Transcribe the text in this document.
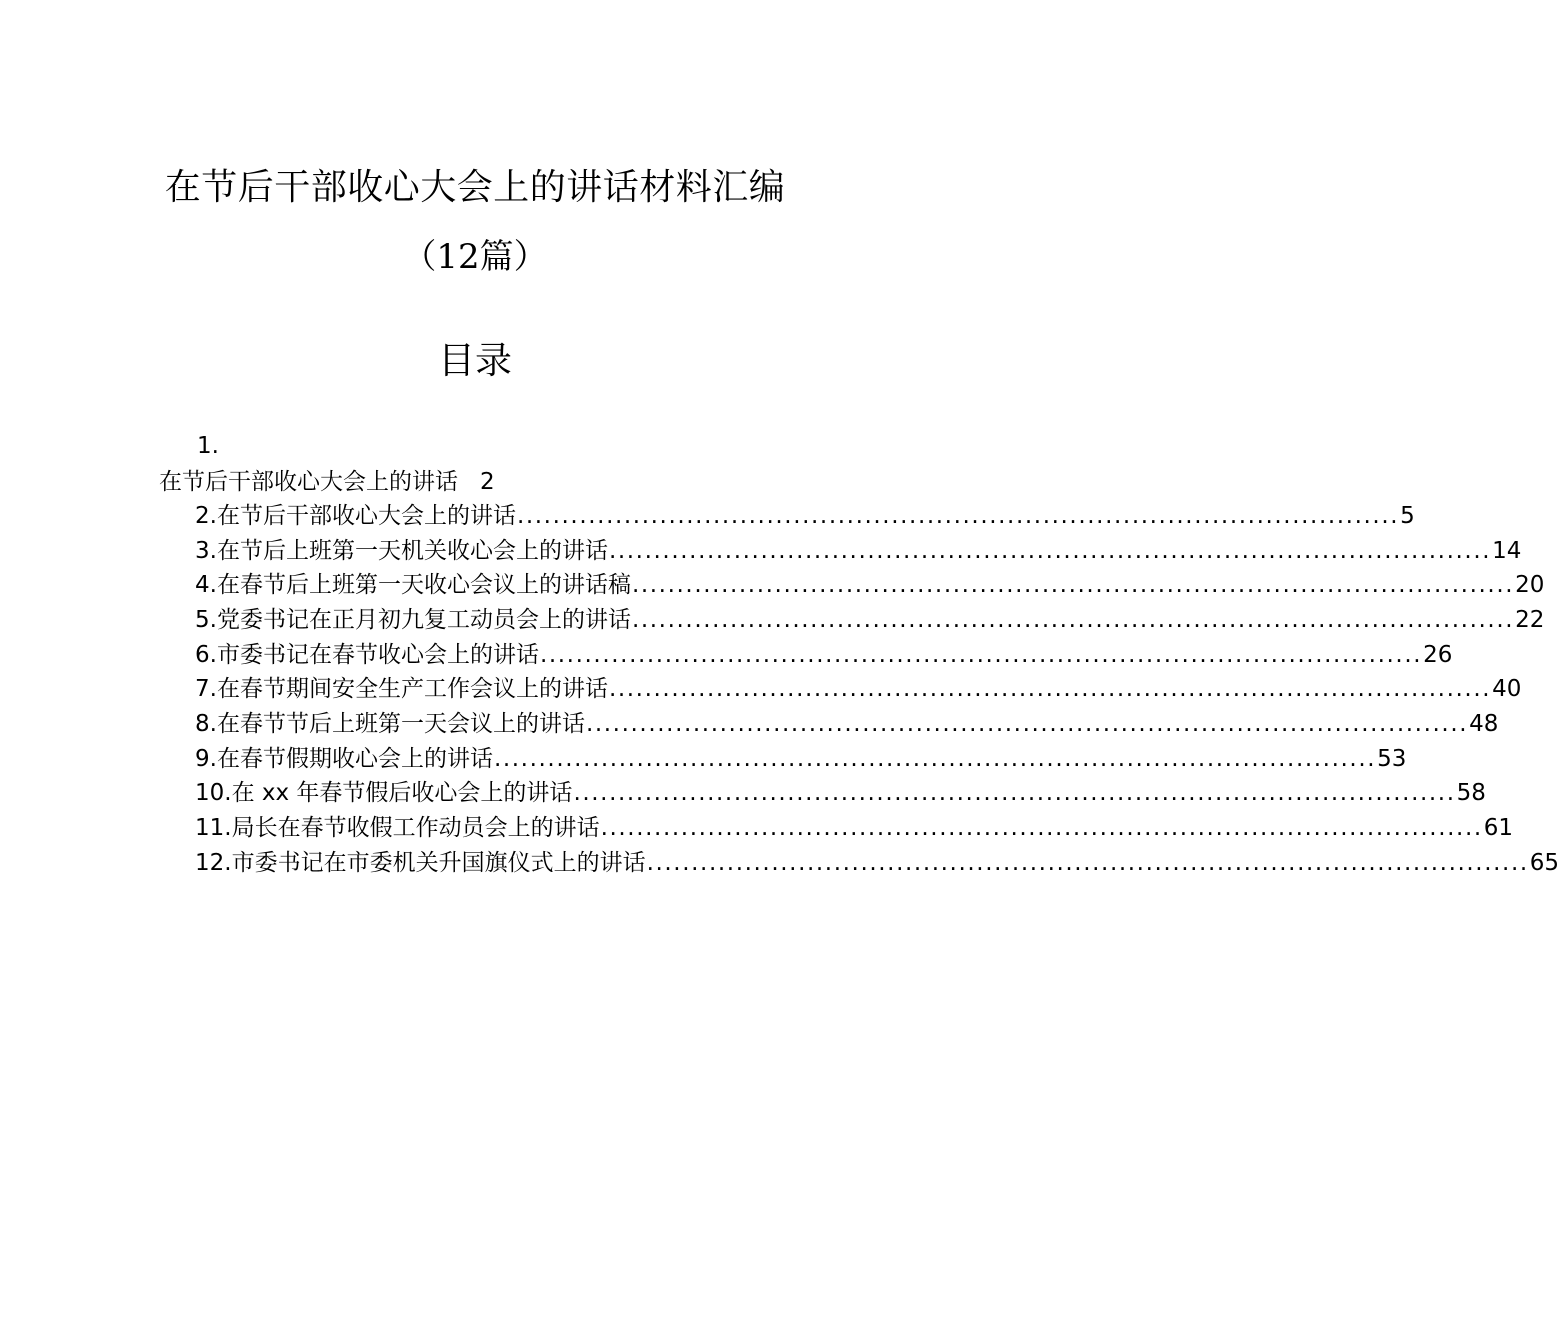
在节后干部收心大会上的讲话材料汇编
（12篇）
目录
1.
在节后干部收心大会上的讲话 2
2.在节后干部收心大会上的讲话 ................................................................................................... 5
3.在节后上班第一天机关收心会上的讲话 ................................................................................................... 14
4.在春节后上班第一天收心会议上的讲话稿 ................................................................................................... 20
5.党委书记在正月初九复工动员会上的讲话 ................................................................................................... 22
6.市委书记在春节收心会上的讲话 ................................................................................................... 26
7.在春节期间安全生产工作会议上的讲话 ................................................................................................... 40
8.在春节节后上班第一天会议上的讲话 ................................................................................................... 48
9.在春节假期收心会上的讲话 ................................................................................................... 53
10.在 xx 年春节假后收心会上的讲话 ................................................................................................... 58
11.局长在春节收假工作动员会上的讲话 ................................................................................................... 61
12.市委书记在市委机关升国旗仪式上的讲话 ................................................................................................... 65
